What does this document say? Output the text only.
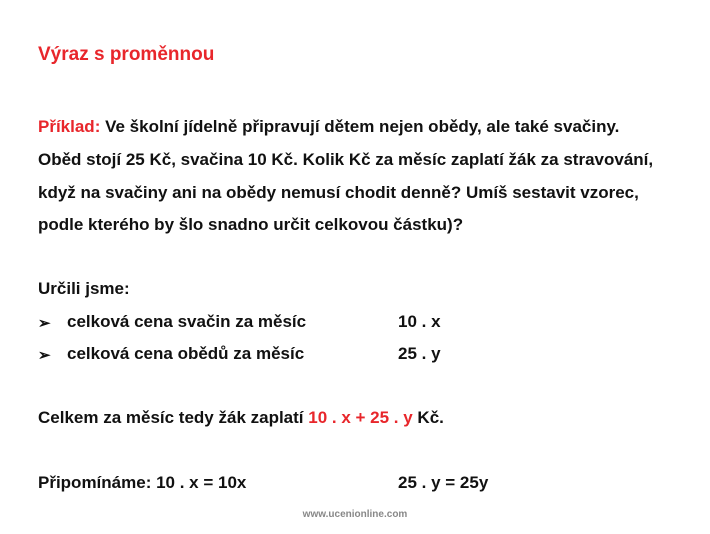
Výraz s proměnnou
Příklad: Ve školní jídelně připravují dětem nejen obědy, ale také svačiny.
Oběd stojí 25 Kč, svačina 10 Kč. Kolik Kč za měsíc zaplatí žák za stravování,
když na svačiny ani na obědy nemusí chodit denně? Umíš sestavit vzorec,
podle kterého by šlo snadno určit celkovou částku)?
Určili jsme:
➢ celková cena svačin za měsíc	10 . x
➢ celková cena obědů za měsíc	25 . y
Celkem za měsíc tedy žák zaplatí 10 . x + 25 . y Kč.
Připomínáme: 10 . x = 10x	25 . y = 25y
www.ucenionline.com
